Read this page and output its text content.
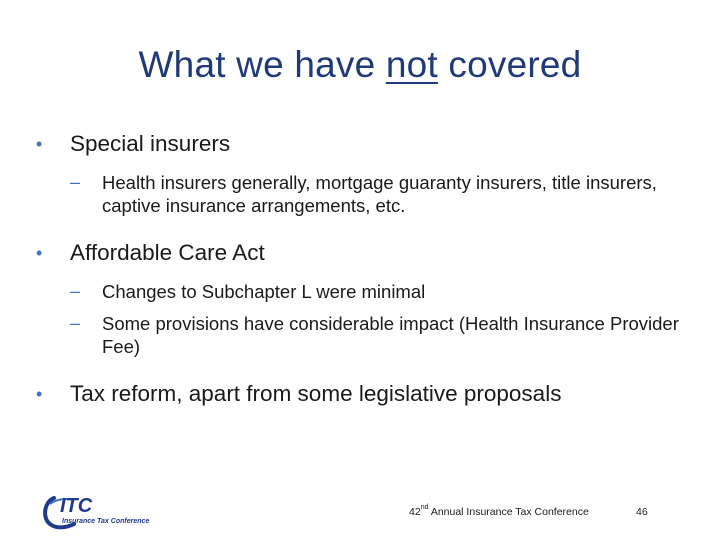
What we have not covered
• Special insurers
– Health insurers generally, mortgage guaranty insurers, title insurers, captive insurance arrangements, etc.
• Affordable Care Act
– Changes to Subchapter L were minimal
– Some provisions have considerable impact (Health Insurance Provider Fee)
• Tax reform, apart from some legislative proposals
ITC
Insurance Tax Conference
42nd Annual Insurance Tax Conference	46
